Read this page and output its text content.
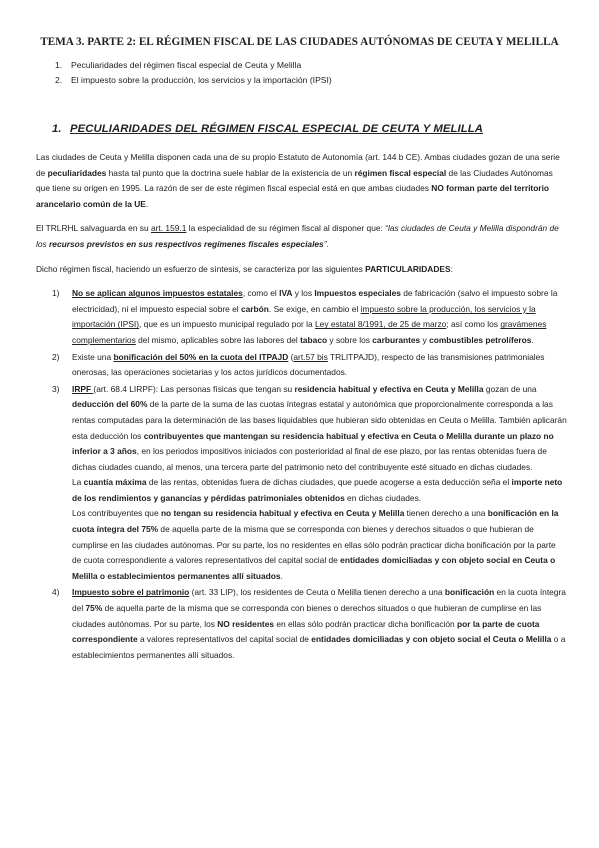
TEMA 3. PARTE 2: EL RÉGIMEN FISCAL DE LAS CIUDADES AUTÓNOMAS DE CEUTA Y MELILLA
1. Peculiaridades del régimen fiscal especial de Ceuta y Melilla
2. El impuesto sobre la producción, los servicios y la importación (IPSI)
1. PECULIARIDADES DEL RÉGIMEN FISCAL ESPECIAL DE CEUTA Y MELILLA

Las ciudades de Ceuta y Melilla disponen cada una de su propio Estatuto de Autonomía (art. 144 b CE). Ambas ciudades gozan de una serie de peculiaridades hasta tal punto que la doctrina suele hablar de la existencia de un régimen fiscal especial de las Ciudades Autónomas que tiene su origen en 1995. La razón de ser de este régimen fiscal especial está en que ambas ciudades NO forman parte del territorio arancelario común de la UE.

El TRLRHL salvaguarda en su art. 159.1 la especialidad de su régimen fiscal al disponer que: “las ciudades de Ceuta y Melilla dispondrán de los recursos previstos en sus respectivos regímenes fiscales especiales”.

Dicho régimen fiscal, haciendo un esfuerzo de síntesis, se caracteriza por las siguientes PARTICULARIDADES:

1) No se aplican algunos impuestos estatales, como el IVA y los Impuestos especiales de fabricación (salvo el impuesto sobre la electricidad), ni el impuesto especial sobre el carbón. Se exige, en cambio el impuesto sobre la producción, los servicios y la importación (IPSI), que es un impuesto municipal regulado por la Ley estatal 8/1991, de 25 de marzo; así como los gravámenes complementarios del mismo, aplicables sobre las labores del tabaco y sobre los carburantes y combustibles petrolíferos.
2) Existe una bonificación del 50% en la cuota del ITPAJD (art.57 bis TRLITPAJD), respecto de las transmisiones patrimoniales onerosas, las operaciones societarias y los actos jurídicos documentados.
3) IRPF (art. 68.4 LIRPF): Las personas físicas que tengan su residencia habitual y efectiva en Ceuta y Melilla gozan de una deducción del 60% de la parte de la suma de las cuotas íntegras estatal y autonómica que proporcionalmente corresponda a las rentas computadas para la determinación de las bases liquidables que hubieran sido obtenidas en Ceuta o Melilla. También aplicarán esta deducción los contribuyentes que mantengan su residencia habitual y efectiva en Ceuta o Melilla durante un plazo no inferior a 3 años, en los periodos impositivos iniciados con posterioridad al final de ese plazo, por las rentas obtenidas fuera de dichas ciudades cuando, al menos, una tercera parte del patrimonio neto del contribuyente esté situado en dichas ciudades.
La cuantía máxima de las rentas, obtenidas fuera de dichas ciudades, que puede acogerse a esta deducción seña el importe neto de los rendimientos y ganancias y pérdidas patrimoniales obtenidos en dichas ciudades.
Los contribuyentes que no tengan su residencia habitual y efectiva en Ceuta y Melilla tienen derecho a una bonificación en la cuota íntegra del 75% de aquella parte de la misma que se corresponda con bienes y derechos situados o que hubieran de cumplirse en las ciudades autónomas. Por su parte, los no residentes en ellas sólo podrán practicar dicha bonificación por la parte de cuota correspondiente a valores representativos del capital social de entidades domiciliadas y con objeto social en Ceuta o Melilla o establecimientos permanentes allí situados.
4) Impuesto sobre el patrimonio (art. 33 LIP), los residentes de Ceuta o Melilla tienen derecho a una bonificación en la cuota íntegra del 75% de aquella parte de la misma que se corresponda con bienes o derechos situados o que hubieran de cumplirse en las ciudades autónomas. Por su parte, los NO residentes en ellas sólo podrán practicar dicha bonificación por la parte de cuota correspondiente a valores representativos del capital social de entidades domiciliadas y con objeto social el Ceuta o Melilla o a establecimientos permanentes allí situados.
